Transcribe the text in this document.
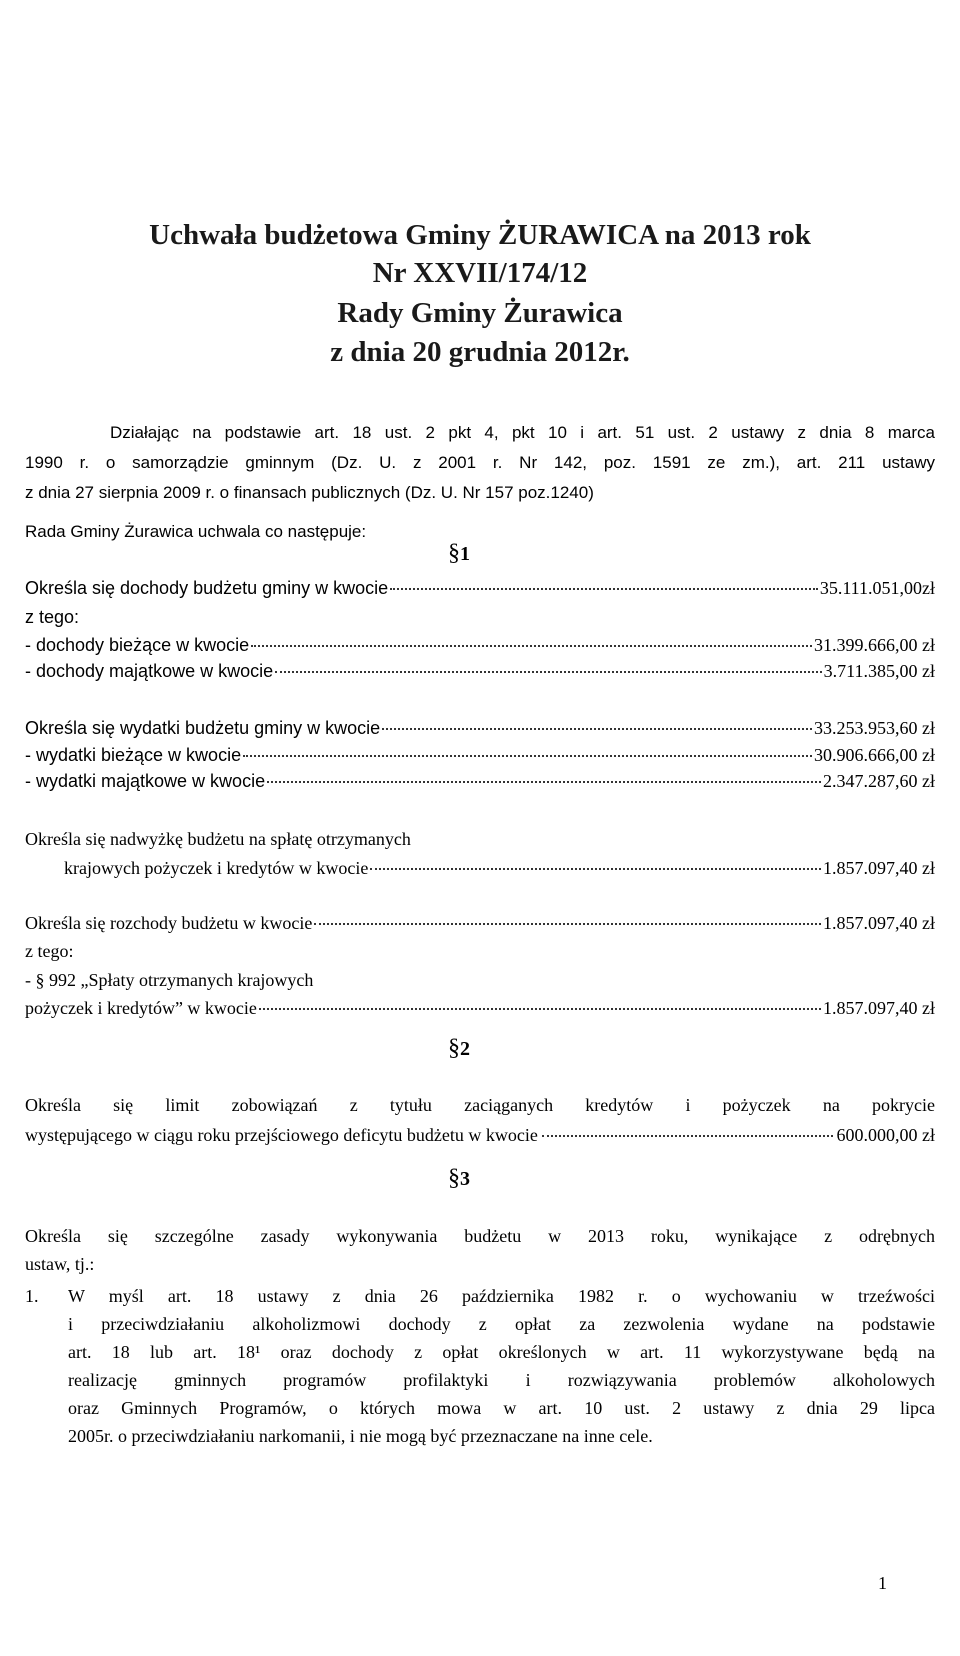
Uchwała budżetowa Gminy ŻURAWICA na 2013 rok
Nr XXVII/174/12
Rady Gminy Żurawica
z dnia 20 grudnia 2012r.
Działając na podstawie art. 18 ust. 2 pkt 4, pkt 10 i art. 51 ust. 2 ustawy z dnia 8 marca
1990 r. o samorządzie gminnym (Dz. U. z 2001 r. Nr 142, poz. 1591 ze zm.), art. 211 ustawy
z dnia 27 sierpnia 2009 r. o finansach publicznych (Dz. U. Nr 157 poz.1240)
Rada Gminy Żurawica uchwala co następuje:
§1
Określa się dochody budżetu gminy w kwocie	35.111.051,00zł
z tego:
- dochody bieżące w kwocie	31.399.666,00 zł
- dochody majątkowe w kwocie	3.711.385,00 zł
Określa się wydatki budżetu gminy w kwocie	33.253.953,60 zł
- wydatki bieżące w kwocie	30.906.666,00 zł
- wydatki majątkowe w kwocie	2.347.287,60 zł
Określa się nadwyżkę budżetu na spłatę otrzymanych
krajowych pożyczek i kredytów w kwocie	1.857.097,40 zł
Określa się rozchody budżetu w kwocie	1.857.097,40 zł
z tego:
- § 992 „Spłaty otrzymanych krajowych
pożyczek i kredytów” w kwocie	1.857.097,40 zł
§2
Określa się limit zobowiązań z tytułu zaciąganych kredytów i pożyczek na pokrycie
występującego w ciągu roku przejściowego deficytu budżetu w kwocie	600.000,00 zł
§3
Określa się szczególne zasady wykonywania budżetu w 2013 roku, wynikające z odrębnych
ustaw, tj.:
1. W myśl art. 18 ustawy z dnia 26 października 1982 r. o wychowaniu w trzeźwości
i przeciwdziałaniu alkoholizmowi dochody z opłat za zezwolenia wydane na podstawie
art. 18 lub art. 18¹ oraz dochody z opłat określonych w art. 11 wykorzystywane będą na
realizację gminnych programów profilaktyki i rozwiązywania problemów alkoholowych
oraz Gminnych Programów, o których mowa w art. 10 ust. 2 ustawy z dnia 29 lipca
2005r. o przeciwdziałaniu narkomanii, i nie mogą być przeznaczane na inne cele.
1
